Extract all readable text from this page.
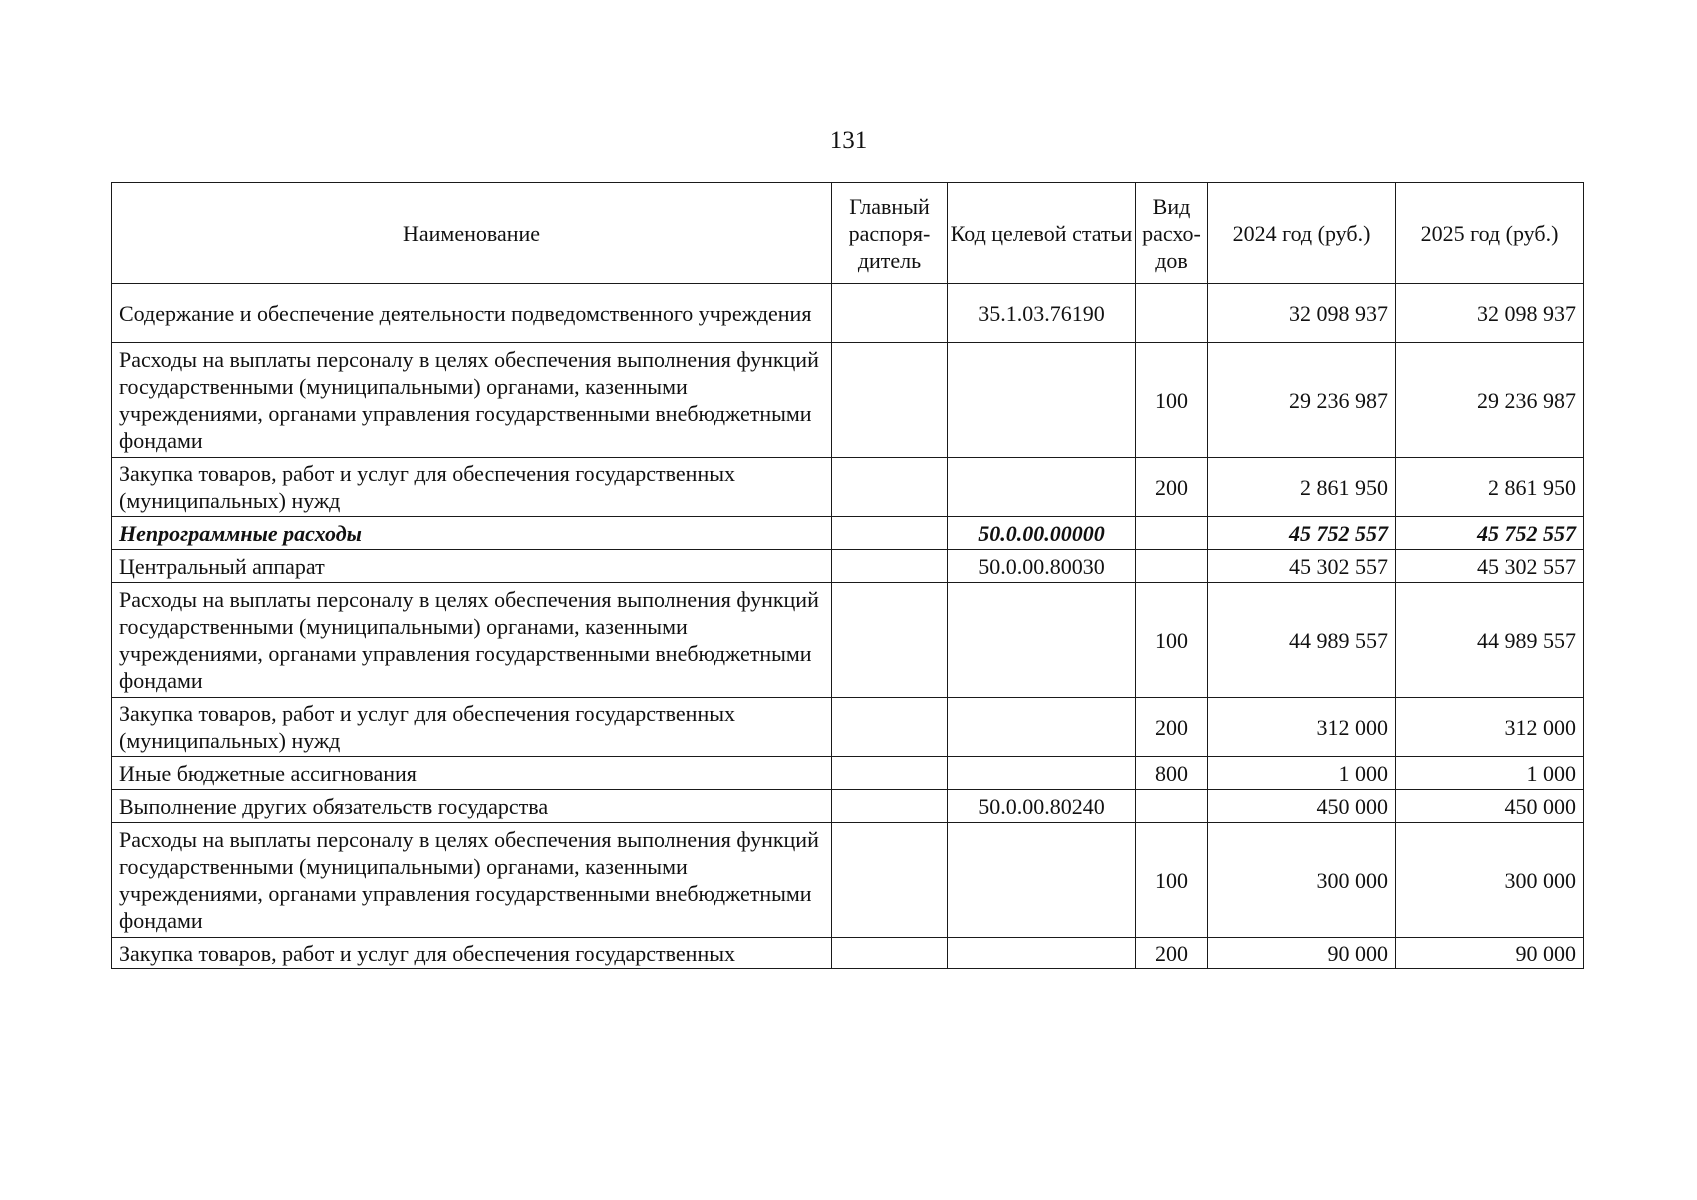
131
Наименование	Главный распоря-дитель	Код целевой статьи	Вид расхо-дов	2024 год (руб.)	2025 год (руб.)
Содержание и обеспечение деятельности подведомственного учреждения		35.1.03.76190		32 098 937	32 098 937
Расходы на выплаты персоналу в целях обеспечения выполнения функций государственными (муниципальными) органами, казенными учреждениями, органами управления государственными внебюджетными фондами			100	29 236 987	29 236 987
Закупка товаров, работ и услуг для обеспечения государственных (муниципальных) нужд			200	2 861 950	2 861 950
Непрограммные расходы		50.0.00.00000		45 752 557	45 752 557
Центральный аппарат		50.0.00.80030		45 302 557	45 302 557
Расходы на выплаты персоналу в целях обеспечения выполнения функций государственными (муниципальными) органами, казенными учреждениями, органами управления государственными внебюджетными фондами			100	44 989 557	44 989 557
Закупка товаров, работ и услуг для обеспечения государственных (муниципальных) нужд			200	312 000	312 000
Иные бюджетные ассигнования			800	1 000	1 000
Выполнение других обязательств государства		50.0.00.80240		450 000	450 000
Расходы на выплаты персоналу в целях обеспечения выполнения функций государственными (муниципальными) органами, казенными учреждениями, органами управления государственными внебюджетными фондами			100	300 000	300 000
Закупка товаров, работ и услуг для обеспечения государственных			200	90 000	90 000
